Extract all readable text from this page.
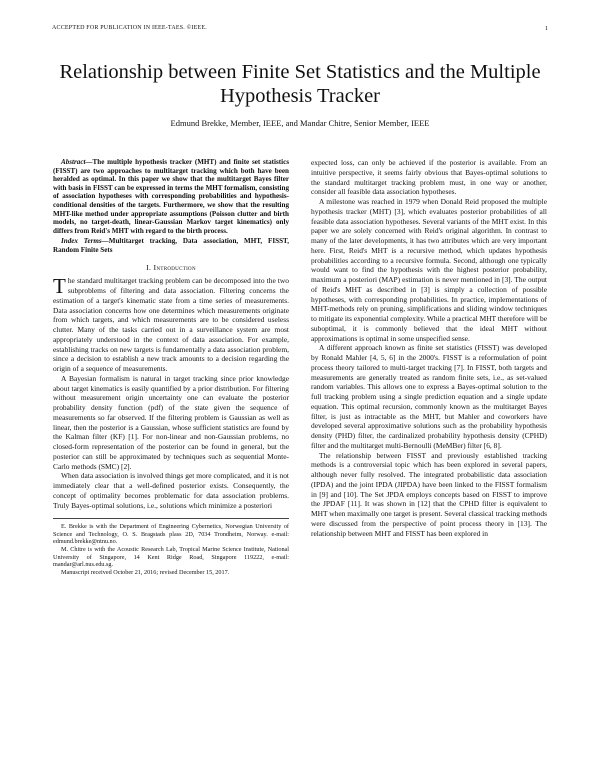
ACCEPTED FOR PUBLICATION IN IEEE-TAES. ©IEEE.	1
Relationship between Finite Set Statistics and the Multiple Hypothesis Tracker
Edmund Brekke, Member, IEEE, and Mandar Chitre, Senior Member, IEEE

Abstract—The multiple hypothesis tracker (MHT) and finite set statistics (FISST) are two approaches to multitarget tracking which both have been heralded as optimal. In this paper we show that the multitarget Bayes filter with basis in FISST can be expressed in terms the MHT formalism, consisting of association hypotheses with corresponding probabilities and hypothesis-conditional densities of the targets. Furthermore, we show that the resulting MHT-like method under appropriate assumptions (Poisson clutter and birth models, no target-death, linear-Gaussian Markov target kinematics) only differs from Reid's MHT with regard to the birth process.

Index Terms—Multitarget tracking, Data association, MHT, FISST, Random Finite Sets

I. Introduction

The standard multitarget tracking problem can be decomposed into the two subproblems of filtering and data association. Filtering concerns the estimation of a target's kinematic state from a time series of measurements. Data association concerns how one determines which measurements originate from which targets, and which measurements are to be considered useless clutter. Many of the tasks carried out in a surveillance system are most appropriately understood in the context of data association. For example, establishing tracks on new targets is fundamentally a data association problem, since a decision to establish a new track amounts to a decision regarding the origin of a sequence of measurements.

A Bayesian formalism is natural in target tracking since prior knowledge about target kinematics is easily quantified by a prior distribution. For filtering without measurement origin uncertainty one can evaluate the posterior probability density function (pdf) of the state given the sequence of measurements so far observed. If the filtering problem is Gaussian as well as linear, then the posterior is a Gaussian, whose sufficient statistics are found by the Kalman filter (KF) [1]. For non-linear and non-Gaussian problems, no closed-form representation of the posterior can be found in general, but the posterior can still be approximated by techniques such as sequential Monte-Carlo methods (SMC) [2].

When data association is involved things get more complicated, and it is not immediately clear that a well-defined posterior exists. Consequently, the concept of optimality becomes problematic for data association problems. Truly Bayes-optimal solutions, i.e., solutions which minimize a posteriori

E. Brekke is with the Department of Engineering Cybernetics, Norwegian University of Science and Technology, O. S. Bragstads plass 2D, 7034 Trondheim, Norway. e-mail: edmund.brekke@ntnu.no.

M. Chitre is with the Acoustic Research Lab, Tropical Marine Science Institute, National University of Singapore, 14 Kent Ridge Road, Singapore 119222, e-mail: mandar@arl.nus.edu.sg.

Manuscript received October 21, 2016; revised December 15, 2017.

expected loss, can only be achieved if the posterior is available. From an intuitive perspective, it seems fairly obvious that Bayes-optimal solutions to the standard multitarget tracking problem must, in one way or another, consider all feasible data association hypotheses.

A milestone was reached in 1979 when Donald Reid proposed the multiple hypothesis tracker (MHT) [3], which evaluates posterior probabilities of all feasible data association hypotheses. Several variants of the MHT exist. In this paper we are solely concerned with Reid's original algorithm. In contrast to many of the later developments, it has two attributes which are very important here. First, Reid's MHT is a recursive method, which updates hypothesis probabilities according to a recursive formula. Second, although one typically would want to find the hypothesis with the highest posterior probability, maximum a posteriori (MAP) estimation is never mentioned in [3]. The output of Reid's MHT as described in [3] is simply a collection of possible hypotheses, with corresponding probabilities. In practice, implementations of MHT-methods rely on pruning, simplifications and sliding window techniques to mitigate its exponential complexity. While a practical MHT therefore will be suboptimal, it is commonly believed that the ideal MHT without approximations is optimal in some unspecified sense.

A different approach known as finite set statistics (FISST) was developed by Ronald Mahler [4, 5, 6] in the 2000's. FISST is a reformulation of point process theory tailored to multi-target tracking [7]. In FISST, both targets and measurements are generally treated as random finite sets, i.e., as set-valued random variables. This allows one to express a Bayes-optimal solution to the full tracking problem using a single prediction equation and a single update equation. This optimal recursion, commonly known as the multitarget Bayes filter, is just as intractable as the MHT, but Mahler and coworkers have developed several approximative solutions such as the probability hypothesis density (PHD) filter, the cardinalized probability hypothesis density (CPHD) filter and the multitarget multi-Bernoulli (MeMBer) filter [6, 8].

The relationship between FISST and previously established tracking methods is a controversial topic which has been explored in several papers, although never fully resolved. The integrated probabilistic data association (IPDA) and the joint IPDA (JIPDA) have been linked to the FISST formalism in [9] and [10]. The Set JPDA employs concepts based on FISST to improve the JPDAF [11]. It was shown in [12] that the CPHD filter is equivalent to MHT when maximally one target is present. Several classical tracking methods were discussed from the perspective of point process theory in [13]. The relationship between MHT and FISST has been explored in
